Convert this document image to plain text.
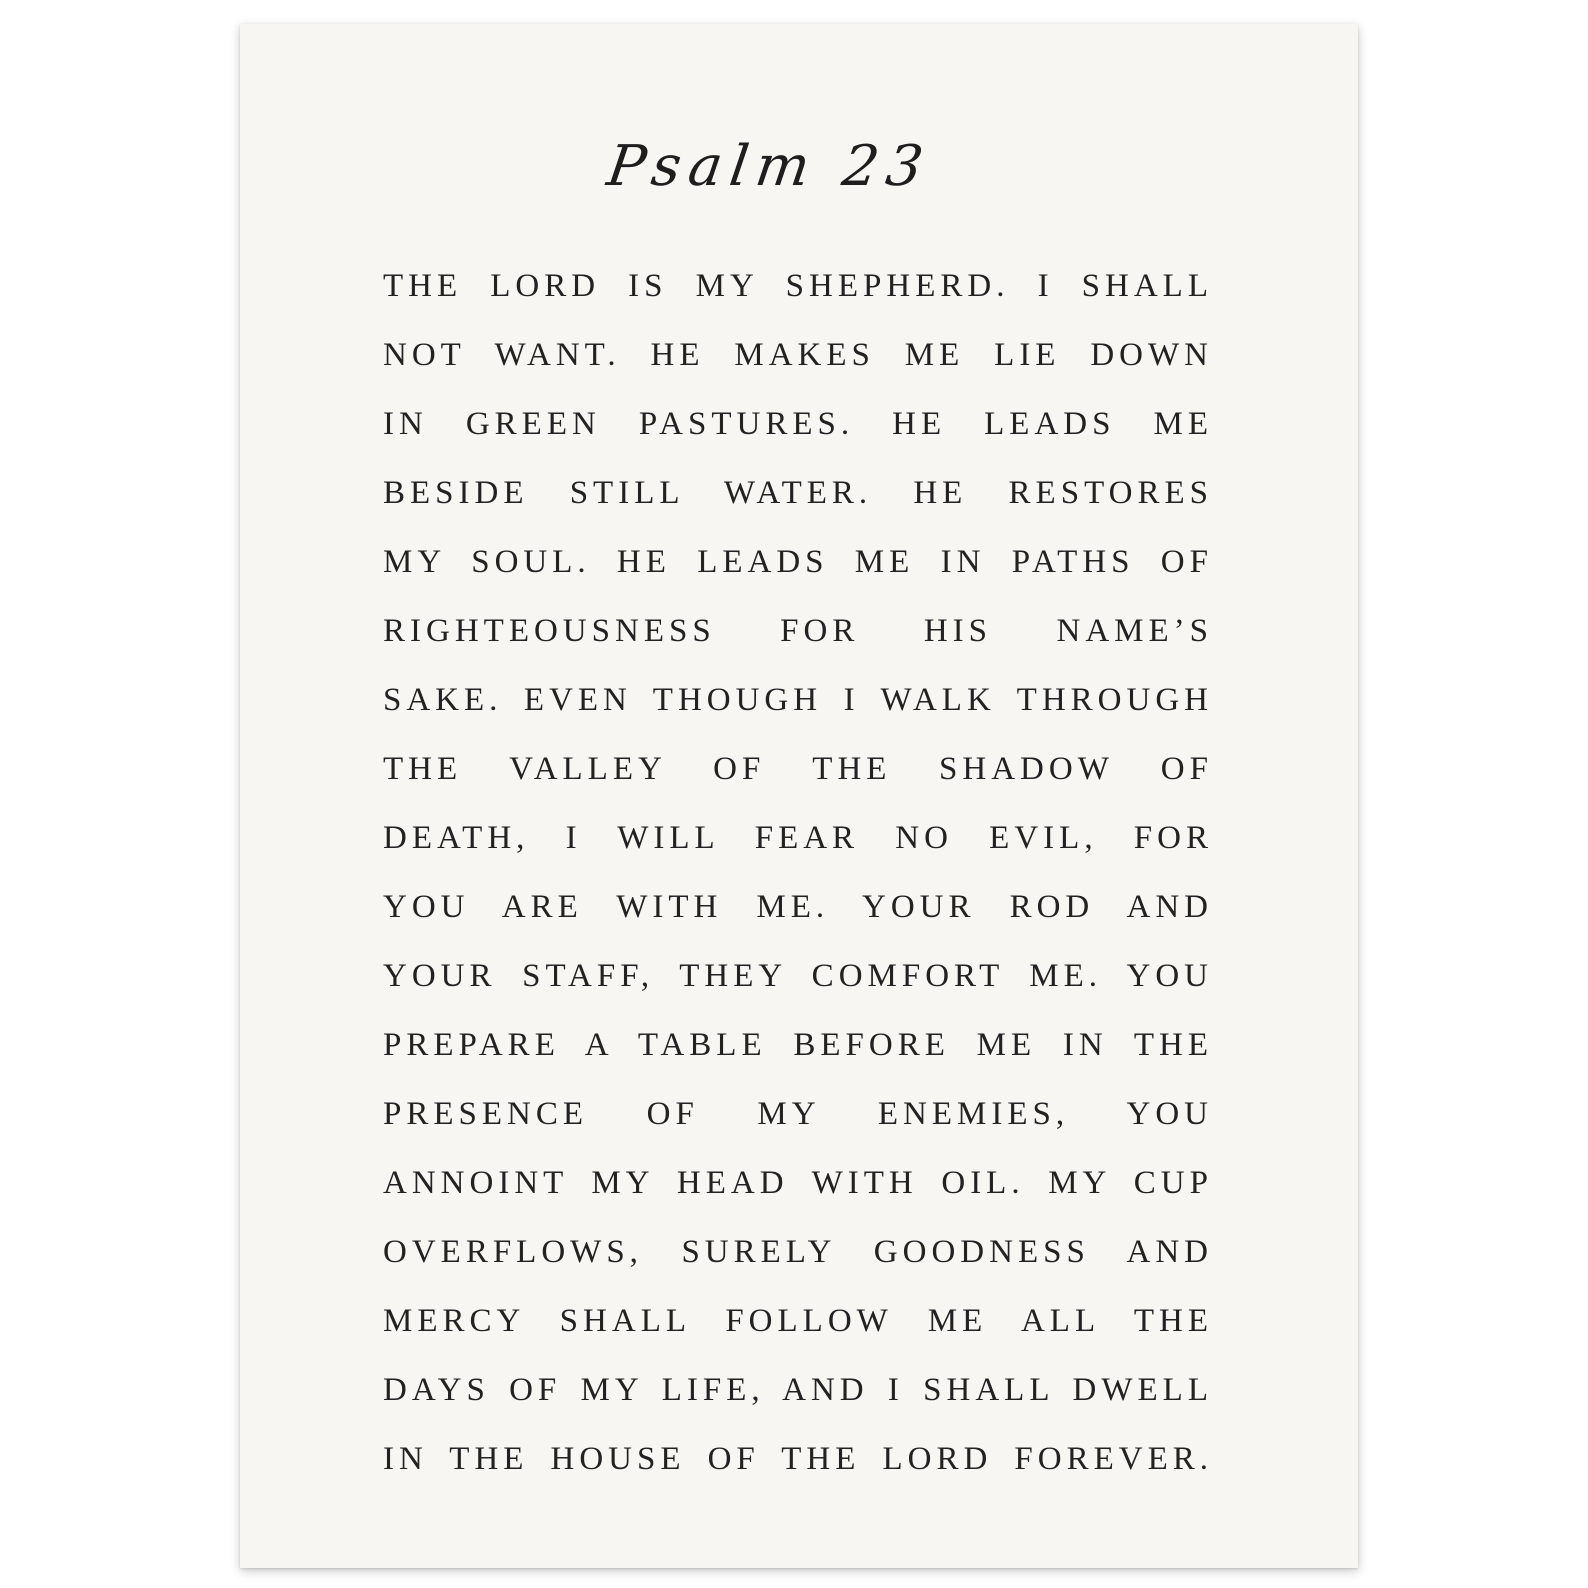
Psalm 23
THE LORD IS MY SHEPHERD. I SHALL
NOT WANT. HE MAKES ME LIE DOWN
IN GREEN PASTURES. HE LEADS ME
BESIDE STILL WATER. HE RESTORES
MY SOUL. HE LEADS ME IN PATHS OF
RIGHTEOUSNESS FOR HIS NAME’S
SAKE. EVEN THOUGH I WALK THROUGH
THE VALLEY OF THE SHADOW OF
DEATH, I WILL FEAR NO EVIL, FOR
YOU ARE WITH ME. YOUR ROD AND
YOUR STAFF, THEY COMFORT ME. YOU
PREPARE A TABLE BEFORE ME IN THE
PRESENCE OF MY ENEMIES, YOU
ANNOINT MY HEAD WITH OIL. MY CUP
OVERFLOWS, SURELY GOODNESS AND
MERCY SHALL FOLLOW ME ALL THE
DAYS OF MY LIFE, AND I SHALL DWELL
IN THE HOUSE OF THE LORD FOREVER.
